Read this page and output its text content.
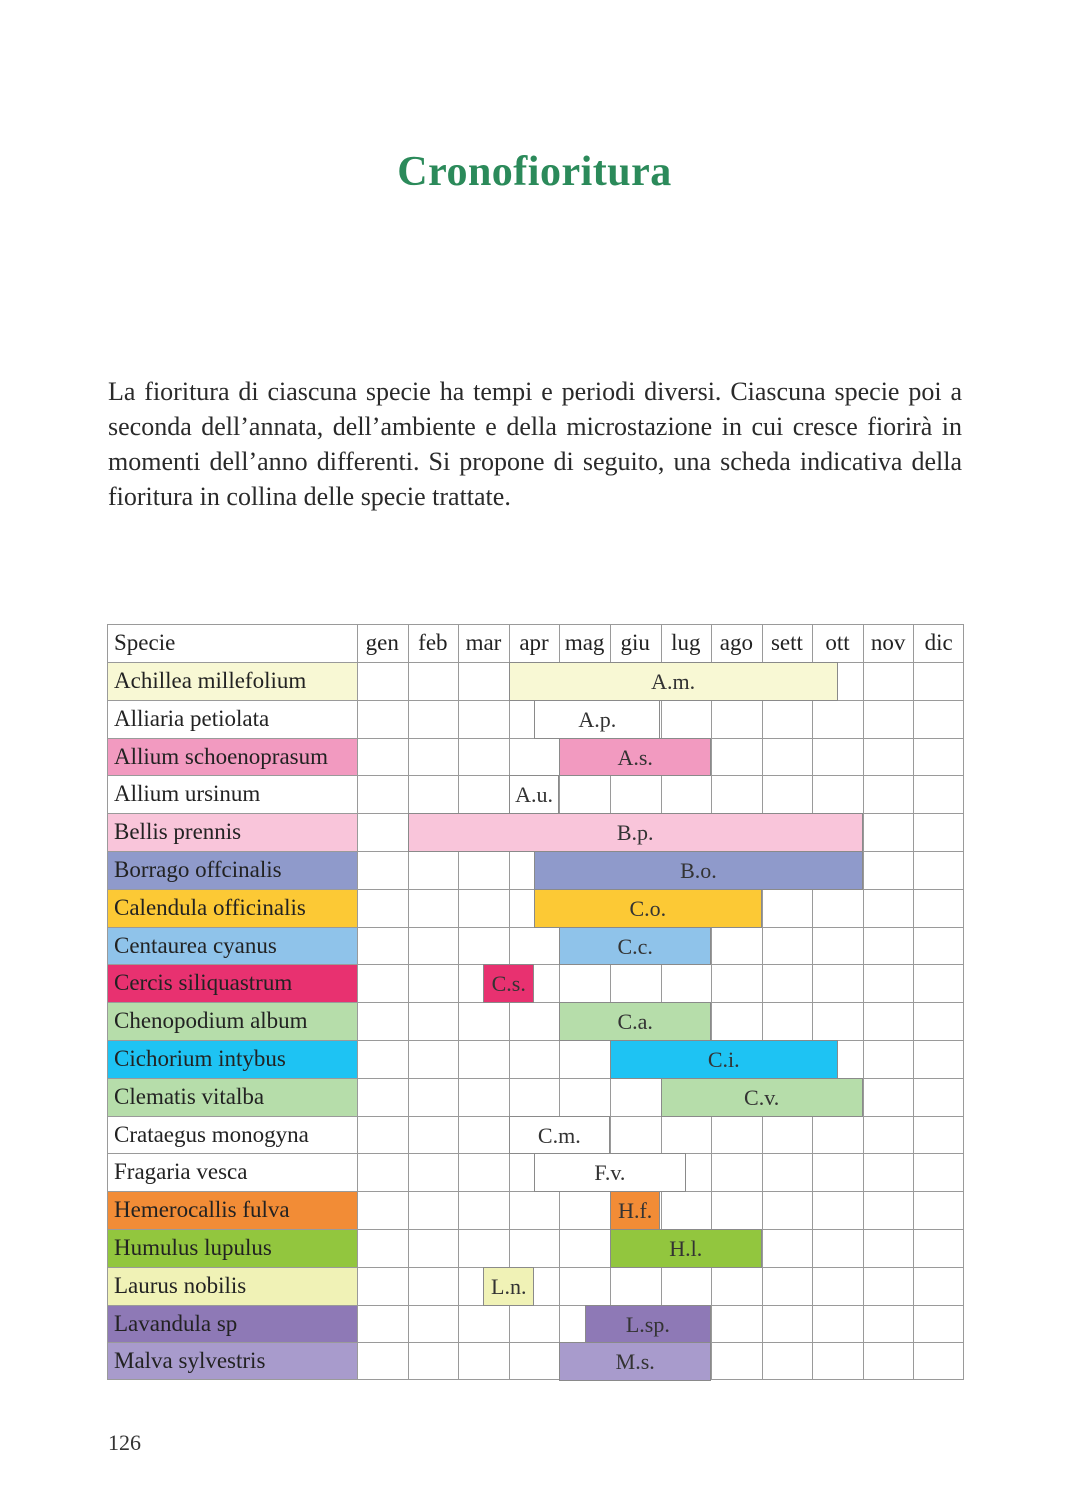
Cronofioritura
La fioritura di ciascuna specie ha tempi e periodi diversi. Ciascuna specie poi a seconda dell’annata, dell’ambiente e della microstazione in cui cresce fiorirà in momenti dell’anno differenti. Si propone di seguito, una scheda indicativa della fioritura in collina delle specie trattate.
Achillea millefolium
Alliaria petiolata
Allium schoenoprasum
Allium ursinum
Bellis prennis
Borrago offcinalis
Calendula officinalis
Centaurea cyanus
Cercis siliquastrum
Chenopodium album
Cichorium intybus
Clematis vitalba
Crataegus monogyna
Fragaria vesca
Hemerocallis fulva
Humulus lupulus
Laurus nobilis
Lavandula sp
Malva sylvestris
Specie	gen feb mar apr mag giu lug ago sett ott nov dic
A.m.
A.p.
A.s.
A.u.
B.p.
B.o.
C.o.
C.c.
C.s.
C.a.
C.i.
C.v.
C.m.
F.v.
H.f.
H.l.
L.n.
L.sp.
M.s.
126
